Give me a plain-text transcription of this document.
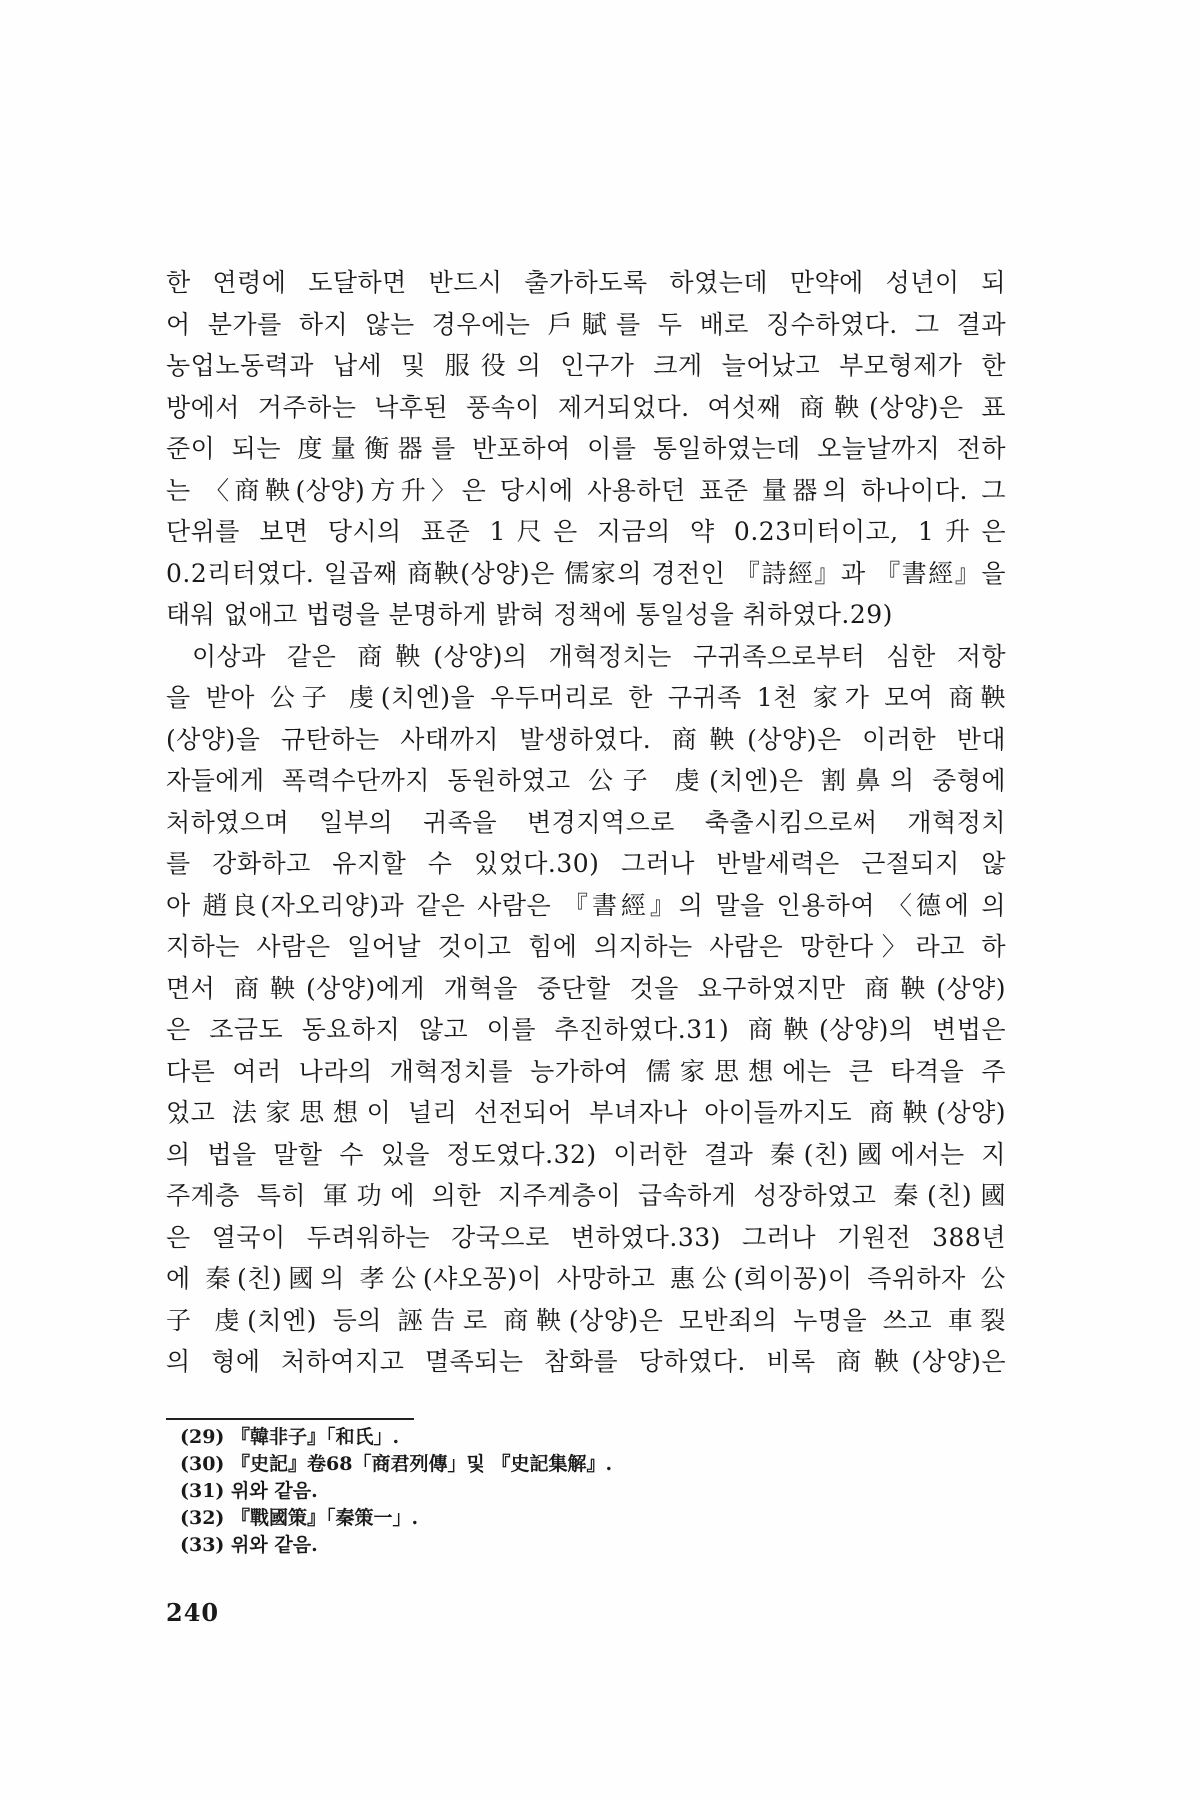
한 연령에 도달하면 반드시 출가하도록 하였는데 만약에 성년이 되
어 분가를 하지 않는 경우에는 戶賦를 두 배로 징수하였다. 그 결과
농업노동력과 납세 및 服役의 인구가 크게 늘어났고 부모형제가 한
방에서 거주하는 낙후된 풍속이 제거되었다. 여섯째 商鞅(상양)은 표
준이 되는 度量衡器를 반포하여 이를 통일하였는데 오늘날까지 전하
는 〈商鞅(상양)方升〉은 당시에 사용하던 표준 量器의 하나이다. 그
단위를 보면 당시의 표준 1尺은 지금의 약 0.23미터이고, 1升은
0.2리터였다. 일곱째 商鞅(상양)은 儒家의 경전인 『詩經』과 『書經』을
태워 없애고 법령을 분명하게 밝혀 정책에 통일성을 취하였다.29)
이상과 같은 商鞅(상양)의 개혁정치는 구귀족으로부터 심한 저항
을 받아 公子 虔(치엔)을 우두머리로 한 구귀족 1천 家가 모여 商鞅
(상양)을 규탄하는 사태까지 발생하였다. 商鞅(상양)은 이러한 반대
자들에게 폭력수단까지 동원하였고 公子 虔(치엔)은 割鼻의 중형에
처하였으며 일부의 귀족을 변경지역으로 축출시킴으로써 개혁정치
를 강화하고 유지할 수 있었다.30) 그러나 반발세력은 근절되지 않
아 趙良(자오리양)과 같은 사람은 『書經』의 말을 인용하여 〈德에 의
지하는 사람은 일어날 것이고 힘에 의지하는 사람은 망한다〉라고 하
면서 商鞅(상양)에게 개혁을 중단할 것을 요구하였지만 商鞅(상양)
은 조금도 동요하지 않고 이를 추진하였다.31) 商鞅(상양)의 변법은
다른 여러 나라의 개혁정치를 능가하여 儒家思想에는 큰 타격을 주
었고 法家思想이 널리 선전되어 부녀자나 아이들까지도 商鞅(상양)
의 법을 말할 수 있을 정도였다.32) 이러한 결과 秦(친)國에서는 지
주계층 특히 軍功에 의한 지주계층이 급속하게 성장하였고 秦(친)國
은 열국이 두려워하는 강국으로 변하였다.33) 그러나 기원전 388년
에 秦(친)國의 孝公(샤오꽁)이 사망하고 惠公(희이꽁)이 즉위하자 公
子 虔(치엔) 등의 誣告로 商鞅(상양)은 모반죄의 누명을 쓰고 車裂
의 형에 처하여지고 멸족되는 참화를 당하였다. 비록 商鞅(상양)은
(29) 『韓非子』「和氏」.
(30) 『史記』卷68「商君列傳」및 『史記集解』.
(31) 위와 같음.
(32) 『戰國策』「秦策一」.
(33) 위와 같음.
240
